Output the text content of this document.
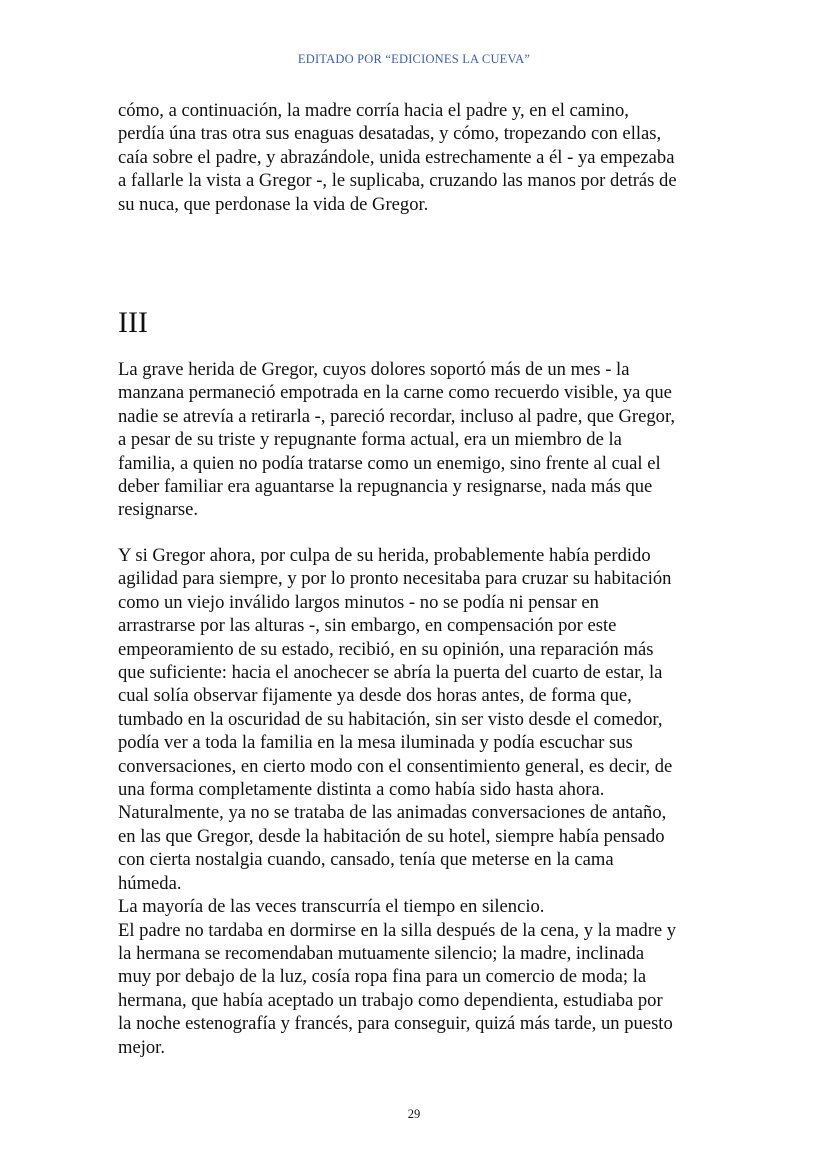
EDITADO POR “EDICIONES LA CUEVA”

cómo, a continuación, la madre corría hacia el padre y, en el camino,
perdía úna tras otra sus enaguas desatadas, y cómo, tropezando con ellas,
caía sobre el padre, y abrazándole, unida estrechamente a él - ya empezaba
a fallarle la vista a Gregor -, le suplicaba, cruzando las manos por detrás de
su nuca, que perdonase la vida de Gregor.

III

La grave herida de Gregor, cuyos dolores soportó más de un mes - la
manzana permaneció empotrada en la carne como recuerdo visible, ya que
nadie se atrevía a retirarla -, pareció recordar, incluso al padre, que Gregor,
a pesar de su triste y repugnante forma actual, era un miembro de la
familia, a quien no podía tratarse como un enemigo, sino frente al cual el
deber familiar era aguantarse la repugnancia y resignarse, nada más que
resignarse.

Y si Gregor ahora, por culpa de su herida, probablemente había perdido
agilidad para siempre, y por lo pronto necesitaba para cruzar su habitación
como un viejo inválido largos minutos - no se podía ni pensar en
arrastrarse por las alturas -, sin embargo, en compensación por este
empeoramiento de su estado, recibió, en su opinión, una reparación más
que suficiente: hacia el anochecer se abría la puerta del cuarto de estar, la
cual solía observar fijamente ya desde dos horas antes, de forma que,
tumbado en la oscuridad de su habitación, sin ser visto desde el comedor,
podía ver a toda la familia en la mesa iluminada y podía escuchar sus
conversaciones, en cierto modo con el consentimiento general, es decir, de
una forma completamente distinta a como había sido hasta ahora.
Naturalmente, ya no se trataba de las animadas conversaciones de antaño,
en las que Gregor, desde la habitación de su hotel, siempre había pensado
con cierta nostalgia cuando, cansado, tenía que meterse en la cama
húmeda.
La mayoría de las veces transcurría el tiempo en silencio.
El padre no tardaba en dormirse en la silla después de la cena, y la madre y
la hermana se recomendaban mutuamente silencio; la madre, inclinada
muy por debajo de la luz, cosía ropa fina para un comercio de moda; la
hermana, que había aceptado un trabajo como dependienta, estudiaba por
la noche estenografía y francés, para conseguir, quizá más tarde, un puesto
mejor.

29
